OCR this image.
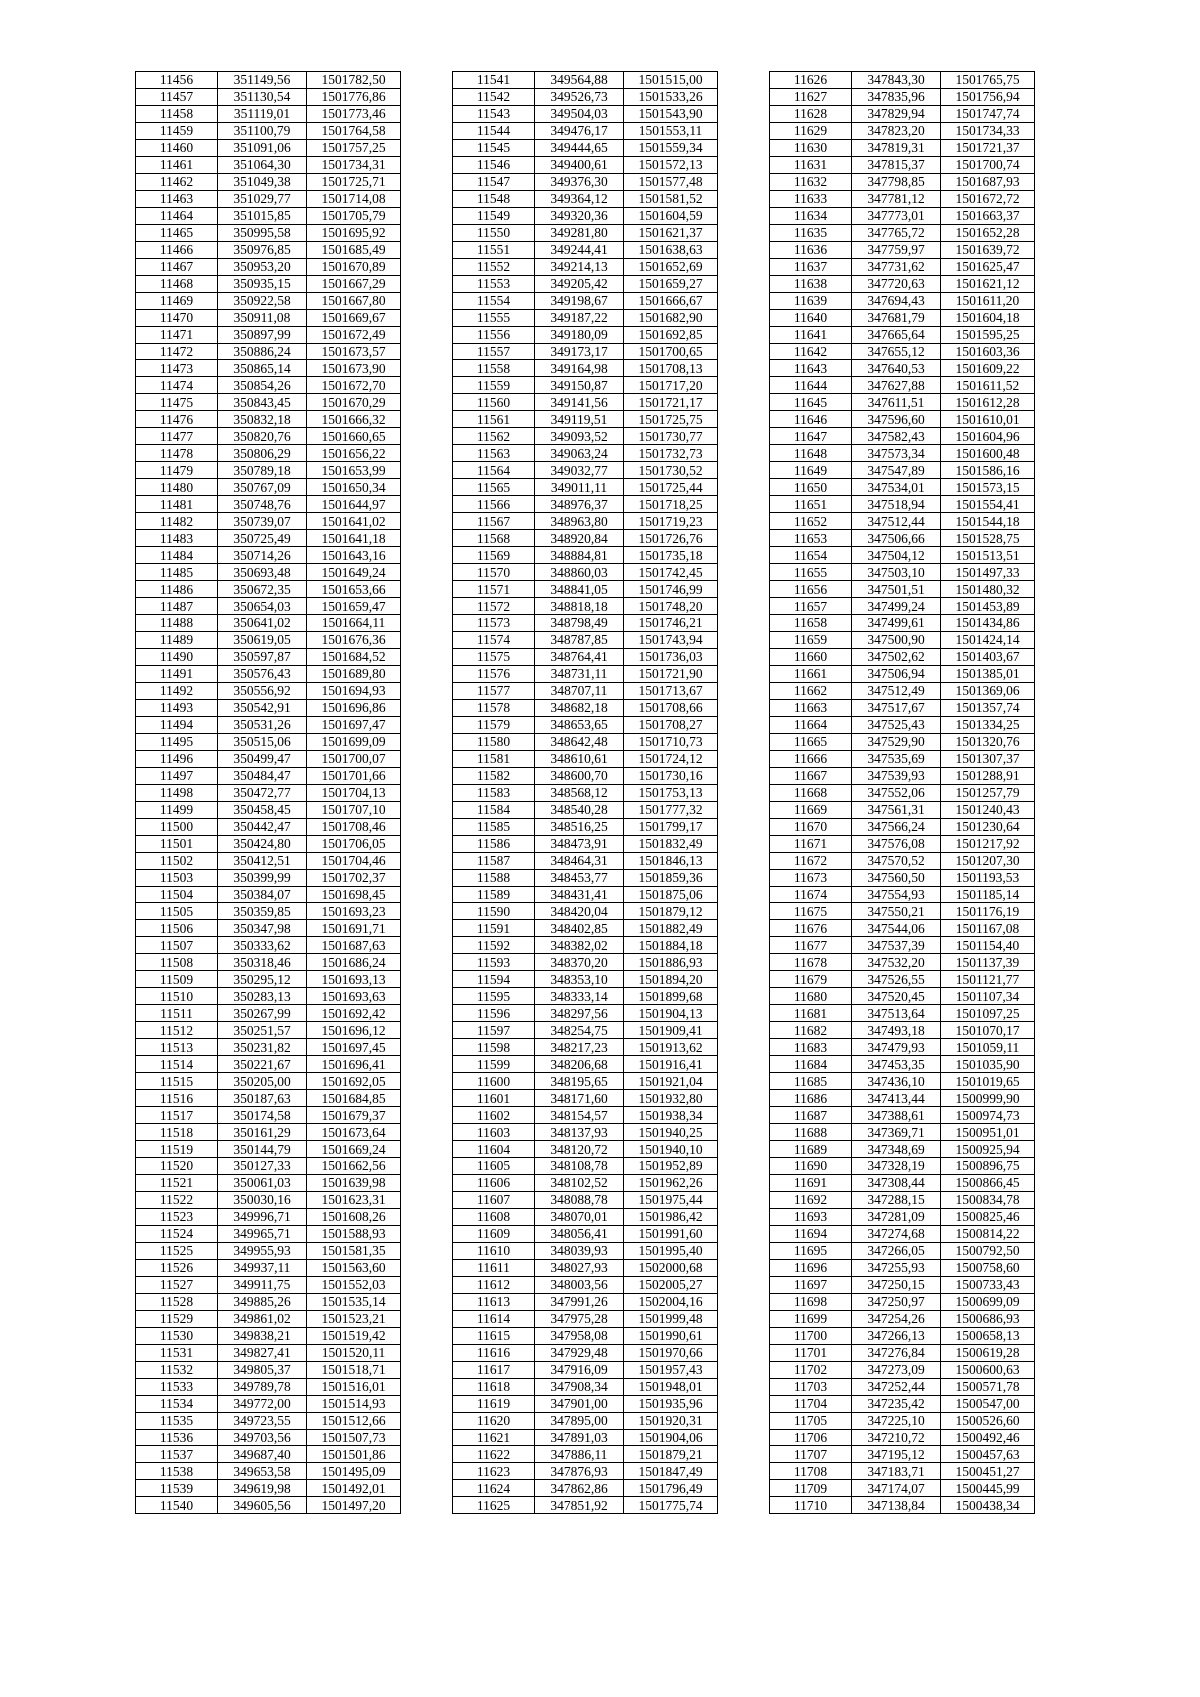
11456	351149,56	1501782,50
11457	351130,54	1501776,86
11458	351119,01	1501773,46
11459	351100,79	1501764,58
11460	351091,06	1501757,25
11461	351064,30	1501734,31
11462	351049,38	1501725,71
11463	351029,77	1501714,08
11464	351015,85	1501705,79
11465	350995,58	1501695,92
11466	350976,85	1501685,49
11467	350953,20	1501670,89
11468	350935,15	1501667,29
11469	350922,58	1501667,80
11470	350911,08	1501669,67
11471	350897,99	1501672,49
11472	350886,24	1501673,57
11473	350865,14	1501673,90
11474	350854,26	1501672,70
11475	350843,45	1501670,29
11476	350832,18	1501666,32
11477	350820,76	1501660,65
11478	350806,29	1501656,22
11479	350789,18	1501653,99
11480	350767,09	1501650,34
11481	350748,76	1501644,97
11482	350739,07	1501641,02
11483	350725,49	1501641,18
11484	350714,26	1501643,16
11485	350693,48	1501649,24
11486	350672,35	1501653,66
11487	350654,03	1501659,47
11488	350641,02	1501664,11
11489	350619,05	1501676,36
11490	350597,87	1501684,52
11491	350576,43	1501689,80
11492	350556,92	1501694,93
11493	350542,91	1501696,86
11494	350531,26	1501697,47
11495	350515,06	1501699,09
11496	350499,47	1501700,07
11497	350484,47	1501701,66
11498	350472,77	1501704,13
11499	350458,45	1501707,10
11500	350442,47	1501708,46
11501	350424,80	1501706,05
11502	350412,51	1501704,46
11503	350399,99	1501702,37
11504	350384,07	1501698,45
11505	350359,85	1501693,23
11506	350347,98	1501691,71
11507	350333,62	1501687,63
11508	350318,46	1501686,24
11509	350295,12	1501693,13
11510	350283,13	1501693,63
11511	350267,99	1501692,42
11512	350251,57	1501696,12
11513	350231,82	1501697,45
11514	350221,67	1501696,41
11515	350205,00	1501692,05
11516	350187,63	1501684,85
11517	350174,58	1501679,37
11518	350161,29	1501673,64
11519	350144,79	1501669,24
11520	350127,33	1501662,56
11521	350061,03	1501639,98
11522	350030,16	1501623,31
11523	349996,71	1501608,26
11524	349965,71	1501588,93
11525	349955,93	1501581,35
11526	349937,11	1501563,60
11527	349911,75	1501552,03
11528	349885,26	1501535,14
11529	349861,02	1501523,21
11530	349838,21	1501519,42
11531	349827,41	1501520,11
11532	349805,37	1501518,71
11533	349789,78	1501516,01
11534	349772,00	1501514,93
11535	349723,55	1501512,66
11536	349703,56	1501507,73
11537	349687,40	1501501,86
11538	349653,58	1501495,09
11539	349619,98	1501492,01
11540	349605,56	1501497,20
11541	349564,88	1501515,00
11542	349526,73	1501533,26
11543	349504,03	1501543,90
11544	349476,17	1501553,11
11545	349444,65	1501559,34
11546	349400,61	1501572,13
11547	349376,30	1501577,48
11548	349364,12	1501581,52
11549	349320,36	1501604,59
11550	349281,80	1501621,37
11551	349244,41	1501638,63
11552	349214,13	1501652,69
11553	349205,42	1501659,27
11554	349198,67	1501666,67
11555	349187,22	1501682,90
11556	349180,09	1501692,85
11557	349173,17	1501700,65
11558	349164,98	1501708,13
11559	349150,87	1501717,20
11560	349141,56	1501721,17
11561	349119,51	1501725,75
11562	349093,52	1501730,77
11563	349063,24	1501732,73
11564	349032,77	1501730,52
11565	349011,11	1501725,44
11566	348976,37	1501718,25
11567	348963,80	1501719,23
11568	348920,84	1501726,76
11569	348884,81	1501735,18
11570	348860,03	1501742,45
11571	348841,05	1501746,99
11572	348818,18	1501748,20
11573	348798,49	1501746,21
11574	348787,85	1501743,94
11575	348764,41	1501736,03
11576	348731,11	1501721,90
11577	348707,11	1501713,67
11578	348682,18	1501708,66
11579	348653,65	1501708,27
11580	348642,48	1501710,73
11581	348610,61	1501724,12
11582	348600,70	1501730,16
11583	348568,12	1501753,13
11584	348540,28	1501777,32
11585	348516,25	1501799,17
11586	348473,91	1501832,49
11587	348464,31	1501846,13
11588	348453,77	1501859,36
11589	348431,41	1501875,06
11590	348420,04	1501879,12
11591	348402,85	1501882,49
11592	348382,02	1501884,18
11593	348370,20	1501886,93
11594	348353,10	1501894,20
11595	348333,14	1501899,68
11596	348297,56	1501904,13
11597	348254,75	1501909,41
11598	348217,23	1501913,62
11599	348206,68	1501916,41
11600	348195,65	1501921,04
11601	348171,60	1501932,80
11602	348154,57	1501938,34
11603	348137,93	1501940,25
11604	348120,72	1501940,10
11605	348108,78	1501952,89
11606	348102,52	1501962,26
11607	348088,78	1501975,44
11608	348070,01	1501986,42
11609	348056,41	1501991,60
11610	348039,93	1501995,40
11611	348027,93	1502000,68
11612	348003,56	1502005,27
11613	347991,26	1502004,16
11614	347975,28	1501999,48
11615	347958,08	1501990,61
11616	347929,48	1501970,66
11617	347916,09	1501957,43
11618	347908,34	1501948,01
11619	347901,00	1501935,96
11620	347895,00	1501920,31
11621	347891,03	1501904,06
11622	347886,11	1501879,21
11623	347876,93	1501847,49
11624	347862,86	1501796,49
11625	347851,92	1501775,74
11626	347843,30	1501765,75
11627	347835,96	1501756,94
11628	347829,94	1501747,74
11629	347823,20	1501734,33
11630	347819,31	1501721,37
11631	347815,37	1501700,74
11632	347798,85	1501687,93
11633	347781,12	1501672,72
11634	347773,01	1501663,37
11635	347765,72	1501652,28
11636	347759,97	1501639,72
11637	347731,62	1501625,47
11638	347720,63	1501621,12
11639	347694,43	1501611,20
11640	347681,79	1501604,18
11641	347665,64	1501595,25
11642	347655,12	1501603,36
11643	347640,53	1501609,22
11644	347627,88	1501611,52
11645	347611,51	1501612,28
11646	347596,60	1501610,01
11647	347582,43	1501604,96
11648	347573,34	1501600,48
11649	347547,89	1501586,16
11650	347534,01	1501573,15
11651	347518,94	1501554,41
11652	347512,44	1501544,18
11653	347506,66	1501528,75
11654	347504,12	1501513,51
11655	347503,10	1501497,33
11656	347501,51	1501480,32
11657	347499,24	1501453,89
11658	347499,61	1501434,86
11659	347500,90	1501424,14
11660	347502,62	1501403,67
11661	347506,94	1501385,01
11662	347512,49	1501369,06
11663	347517,67	1501357,74
11664	347525,43	1501334,25
11665	347529,90	1501320,76
11666	347535,69	1501307,37
11667	347539,93	1501288,91
11668	347552,06	1501257,79
11669	347561,31	1501240,43
11670	347566,24	1501230,64
11671	347576,08	1501217,92
11672	347570,52	1501207,30
11673	347560,50	1501193,53
11674	347554,93	1501185,14
11675	347550,21	1501176,19
11676	347544,06	1501167,08
11677	347537,39	1501154,40
11678	347532,20	1501137,39
11679	347526,55	1501121,77
11680	347520,45	1501107,34
11681	347513,64	1501097,25
11682	347493,18	1501070,17
11683	347479,93	1501059,11
11684	347453,35	1501035,90
11685	347436,10	1501019,65
11686	347413,44	1500999,90
11687	347388,61	1500974,73
11688	347369,71	1500951,01
11689	347348,69	1500925,94
11690	347328,19	1500896,75
11691	347308,44	1500866,45
11692	347288,15	1500834,78
11693	347281,09	1500825,46
11694	347274,68	1500814,22
11695	347266,05	1500792,50
11696	347255,93	1500758,60
11697	347250,15	1500733,43
11698	347250,97	1500699,09
11699	347254,26	1500686,93
11700	347266,13	1500658,13
11701	347276,84	1500619,28
11702	347273,09	1500600,63
11703	347252,44	1500571,78
11704	347235,42	1500547,00
11705	347225,10	1500526,60
11706	347210,72	1500492,46
11707	347195,12	1500457,63
11708	347183,71	1500451,27
11709	347174,07	1500445,99
11710	347138,84	1500438,34
